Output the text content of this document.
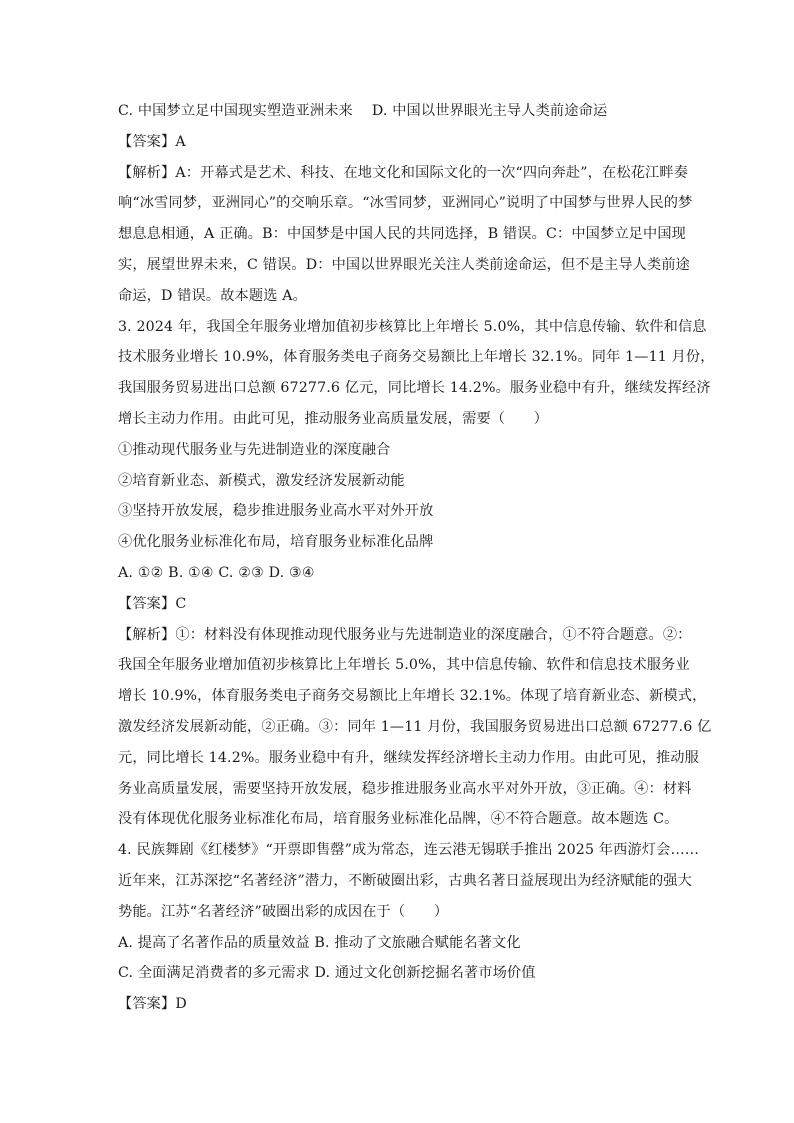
C. 中国梦立足中国现实塑造亚洲未来　 D. 中国以世界眼光主导人类前途命运
【答案】A
【解析】A：开幕式是艺术、科技、在地文化和国际文化的一次“四向奔赴”，在松花江畔奏
响“冰雪同梦，亚洲同心”的交响乐章。“冰雪同梦，亚洲同心”说明了中国梦与世界人民的梦
想息息相通，A 正确。B：中国梦是中国人民的共同选择，B 错误。C：中国梦立足中国现
实，展望世界未来，C 错误。D：中国以世界眼光关注人类前途命运，但不是主导人类前途
命运，D 错误。故本题选 A。
3. 2024 年，我国全年服务业增加值初步核算比上年增长 5.0%，其中信息传输、软件和信息
技术服务业增长 10.9%，体育服务类电子商务交易额比上年增长 32.1%。同年 1—11 月份，
我国服务贸易进出口总额 67277.6 亿元，同比增长 14.2%。服务业稳中有升，继续发挥经济
增长主动力作用。由此可见，推动服务业高质量发展，需要（　　）
①推动现代服务业与先进制造业的深度融合
②培育新业态、新模式，激发经济发展新动能
③坚持开放发展，稳步推进服务业高水平对外开放
④优化服务业标准化布局，培育服务业标准化品牌
A. ①② B. ①④ C. ②③ D. ③④
【答案】C
【解析】①：材料没有体现推动现代服务业与先进制造业的深度融合，①不符合题意。②：
我国全年服务业增加值初步核算比上年增长 5.0%，其中信息传输、软件和信息技术服务业
增长 10.9%，体育服务类电子商务交易额比上年增长 32.1%。体现了培育新业态、新模式，
激发经济发展新动能，②正确。③：同年 1—11 月份，我国服务贸易进出口总额 67277.6 亿
元，同比增长 14.2%。服务业稳中有升，继续发挥经济增长主动力作用。由此可见，推动服
务业高质量发展，需要坚持开放发展，稳步推进服务业高水平对外开放，③正确。④：材料
没有体现优化服务业标准化布局，培育服务业标准化品牌，④不符合题意。故本题选 C。
4. 民族舞剧《红楼梦》“开票即售罄”成为常态，连云港无锡联手推出 2025 年西游灯会……
近年来，江苏深挖“名著经济”潜力，不断破圈出彩，古典名著日益展现出为经济赋能的强大
势能。江苏“名著经济”破圈出彩的成因在于（　　）
A. 提高了名著作品的质量效益 B. 推动了文旅融合赋能名著文化
C. 全面满足消费者的多元需求 D. 通过文化创新挖掘名著市场价值
【答案】D
